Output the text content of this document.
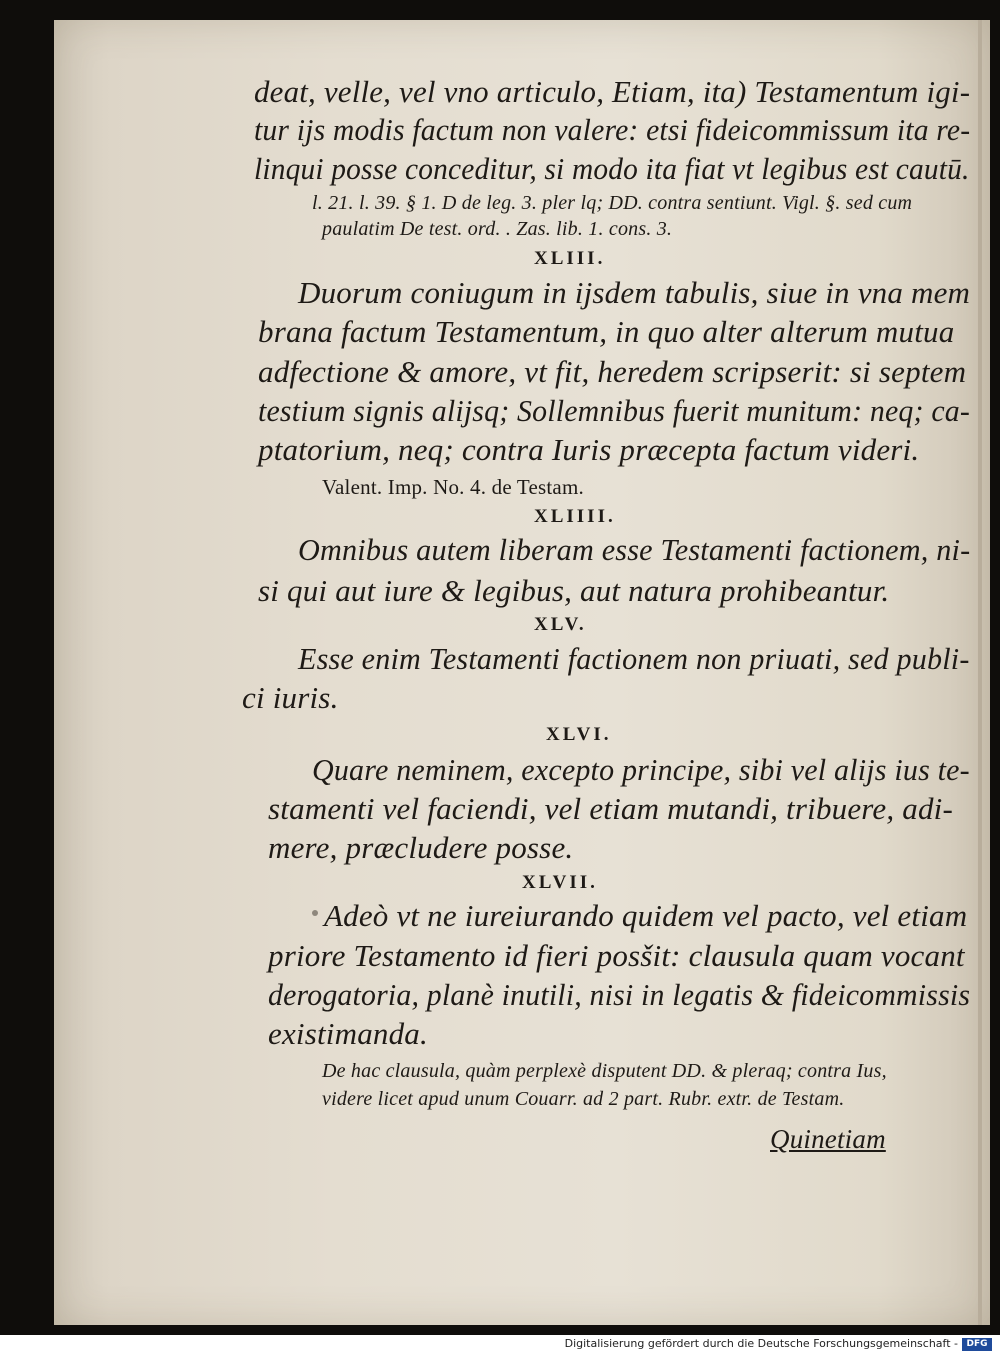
deat, velle, vel vno articulo, Etiam, ita) Testamentum igi-
tur ijs modis factum non valere: etsi fideicommissum ita re-
linqui posse conceditur, si modo ita fiat vt legibus est cautū.
l. 21. l. 39. § 1. D de leg. 3. pler lq; DD. contra sentiunt. Vigl. §. sed cum
paulatim De test. ord. . Zas. lib. 1. cons. 3.
XLIII.
Duorum coniugum in ijsdem tabulis, siue in vna mem
brana factum Testamentum, in quo alter alterum mutua
adfectione & amore, vt fit, heredem scripserit: si septem
testium signis alijsq; Sollemnibus fuerit munitum: neq; ca-
ptatorium, neq; contra Iuris præcepta factum videri.
Valent. Imp. No. 4. de Testam.
XLIIII.
Omnibus autem liberam esse Testamenti factionem, ni-
si qui aut iure & legibus, aut natura prohibeantur.
XLV.
Esse enim Testamenti factionem non priuati, sed publi-
ci iuris.
XLVI.
Quare neminem, excepto principe, sibi vel alijs ius te-
stamenti vel faciendi, vel etiam mutandi, tribuere, adi-
mere, præcludere posse.
XLVII.
Adeò vt ne iureiurando quidem vel pacto, vel etiam
priore Testamento id fieri posšit: clausula quam vocant
derogatoria, planè inutili, nisi in legatis & fideicommissis
existimanda.
De hac clausula, quàm perplexè disputent DD. & pleraq; contra Ius,
videre licet apud unum Couarr. ad 2 part. Rubr. extr. de Testam.
Quinetiam
Digitalisierung gefördert durch die Deutsche Forschungsgemeinschaft - DFG
